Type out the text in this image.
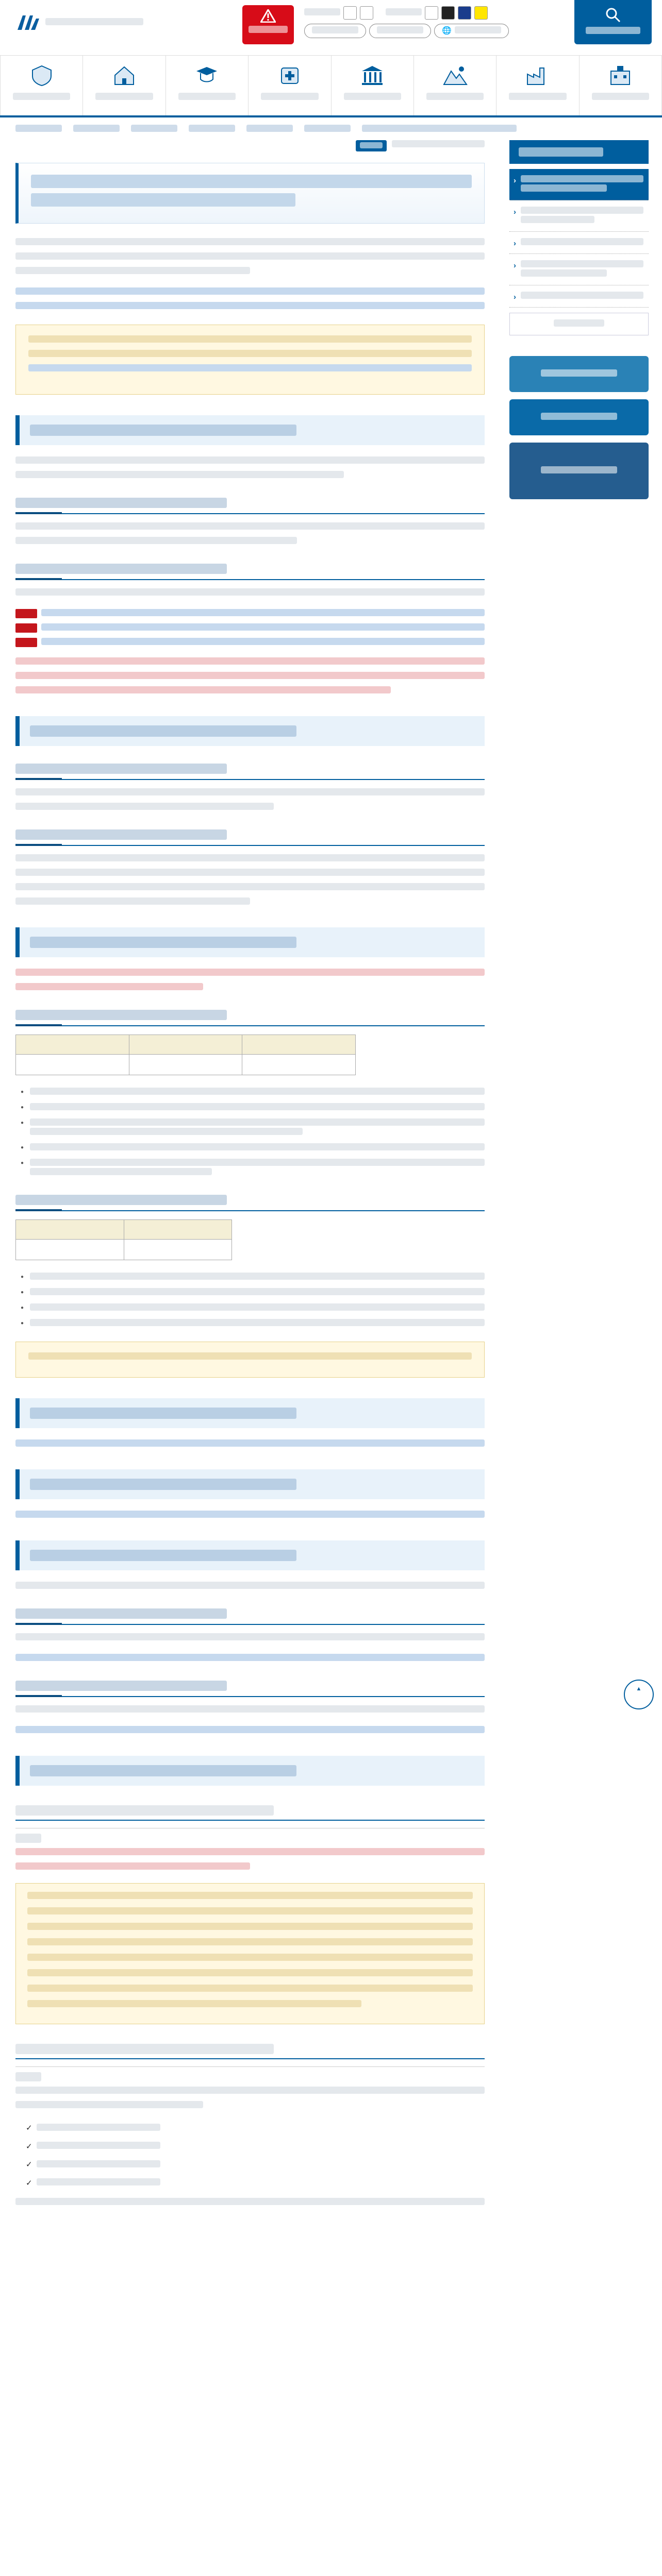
🌐

●
●
●
●
●

●
●
●
●
✓
✓
✓
✓
›
›
›
›
›
▲
